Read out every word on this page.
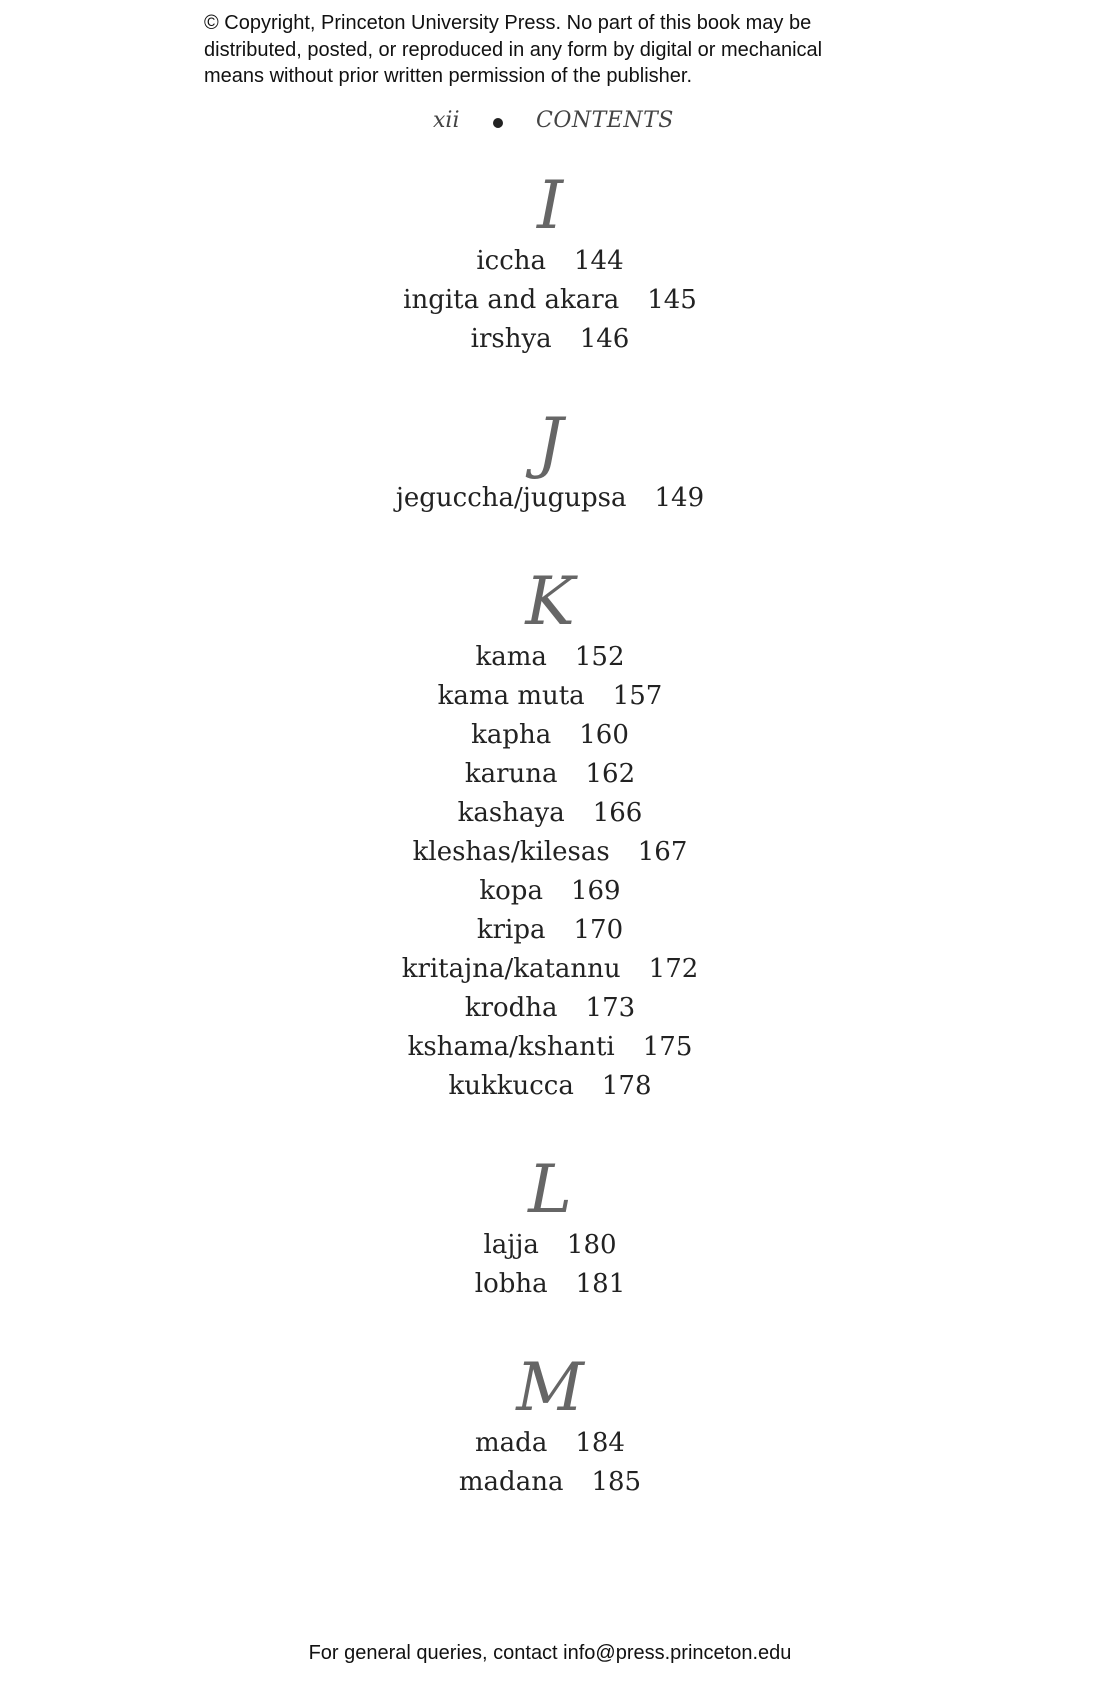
© Copyright, Princeton University Press. No part of this book may be
distributed, posted, or reproduced in any form by digital or mechanical
means without prior written permission of the publisher.
xii	CONTENTS
I
iccha 144
ingita and akara 145
irshya 146
J
jeguccha/jugupsa 149
K
kama 152
kama muta 157
kapha 160
karuna 162
kashaya 166
kleshas/kilesas 167
kopa 169
kripa 170
kritajna/katannu 172
krodha 173
kshama/kshanti 175
kukkucca 178
L
lajja 180
lobha 181
M
mada 184
madana 185
For general queries, contact info@press.princeton.edu
